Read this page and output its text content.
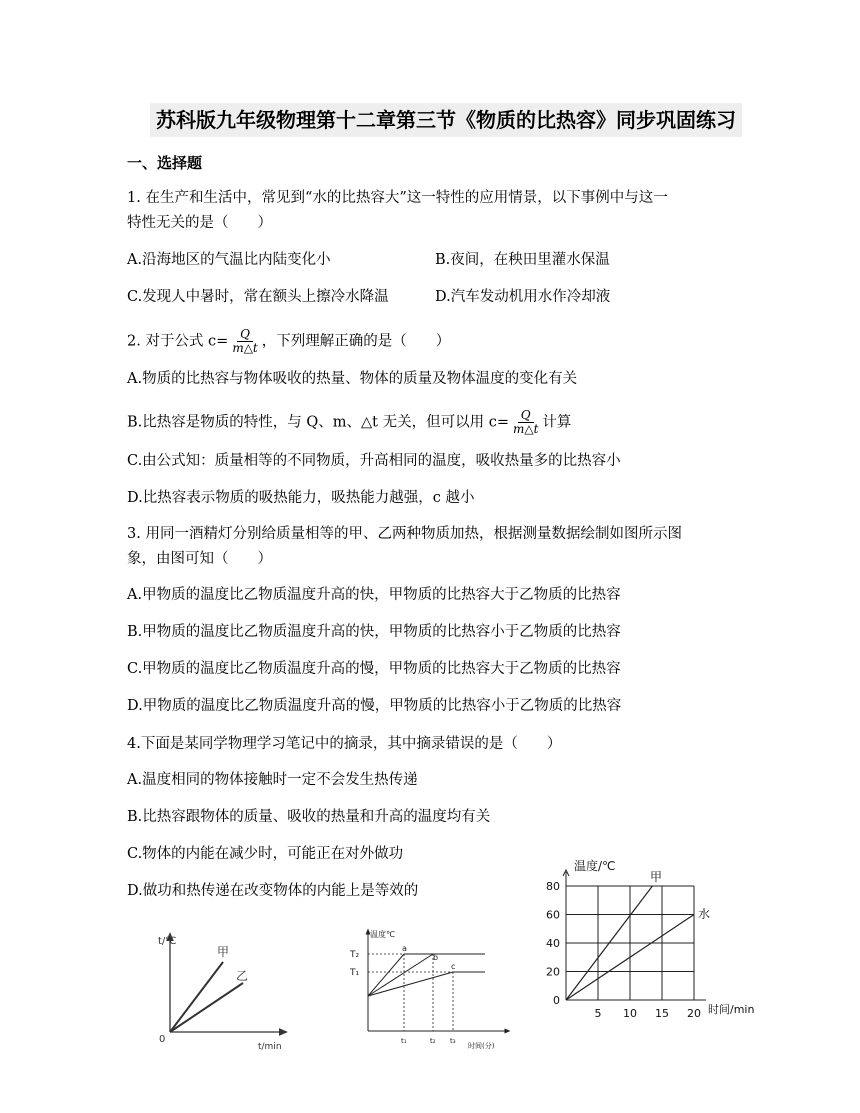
苏科版九年级物理第十二章第三节《物质的比热容》同步巩固练习
一、选择题
1. 在生产和生活中，常见到“水的比热容大”这一特性的应用情景，以下事例中与这一
特性无关的是（　　）
A.沿海地区的气温比内陆变化小	B.夜间，在秧田里灌水保温
C.发现人中暑时，常在额头上擦冷水降温	D.汽车发动机用水作冷却液
2. 对于公式 $c= \frac{Q}{m\triangle t}$ ，下列理解正确的是（　　）
A.物质的比热容与物体吸收的热量、物体的质量及物体温度的变化有关
B.比热容是物质的特性，与 Q、m、△t 无关，但可以用 $c= \frac{Q}{m\triangle t}$ 计算
C.由公式知：质量相等的不同物质，升高相同的温度，吸收热量多的比热容小
D.比热容表示物质的吸热能力，吸热能力越强，c 越小
3. 用同一酒精灯分别给质量相等的甲、乙两种物质加热，根据测量数据绘制如图所示图
象，由图可知（　　）
A.甲物质的温度比乙物质温度升高的快，甲物质的比热容大于乙物质的比热容
B.甲物质的温度比乙物质温度升高的快，甲物质的比热容小于乙物质的比热容
C.甲物质的温度比乙物质温度升高的慢，甲物质的比热容大于乙物质的比热容
D.甲物质的温度比乙物质温度升高的慢，甲物质的比热容小于乙物质的比热容
4.下面是某同学物理学习笔记中的摘录，其中摘录错误的是（　　）
A.温度相同的物体接触时一定不会发生热传递
B.比热容跟物体的质量、吸收的热量和升高的温度均有关
C.物体的内能在减少时，可能正在对外做功
D.做功和热传递在改变物体的内能上是等效的
t/℃
甲
乙
0
t/min
温度℃
T₂
T₁
a
b
c
t₁	t₂ t₃
时间(分)
0
20
40
60
80
5 10 15 20
温度/℃
时间/min
甲
水
